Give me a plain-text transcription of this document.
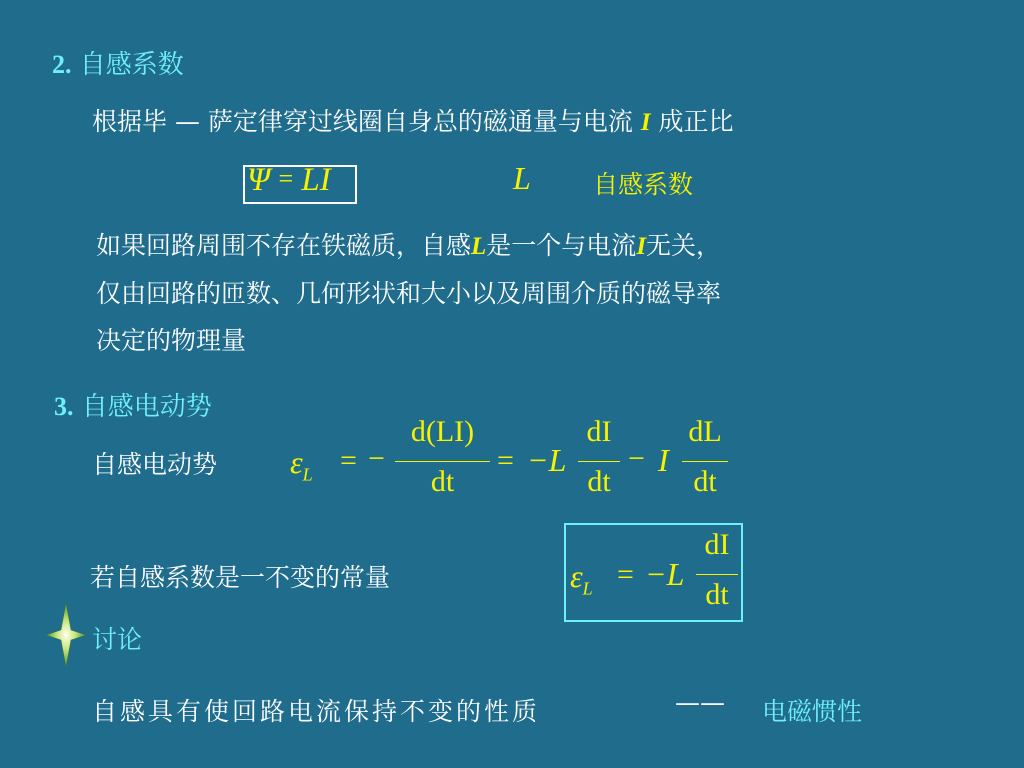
2. 自感系数
根据毕 — 萨定律穿过线圈自身总的磁通量与电流 I 成正比
Ψ = LI	L 自感系数
如果回路周围不存在铁磁质，自感L是一个与电流I无关，
仅由回路的匝数、几何形状和大小以及周围介质的磁导率
决定的物理量
3. 自感电动势
自感电动势 $\varepsilon_L$ = −
d(LI)
dt
= −L
dI
dt
− I
dL
dt
若自感系数是一不变的常量	$\varepsilon_L = -L$
dI
dt
讨论
自感具有使回路电流保持不变的性质	—— 电磁惯性
